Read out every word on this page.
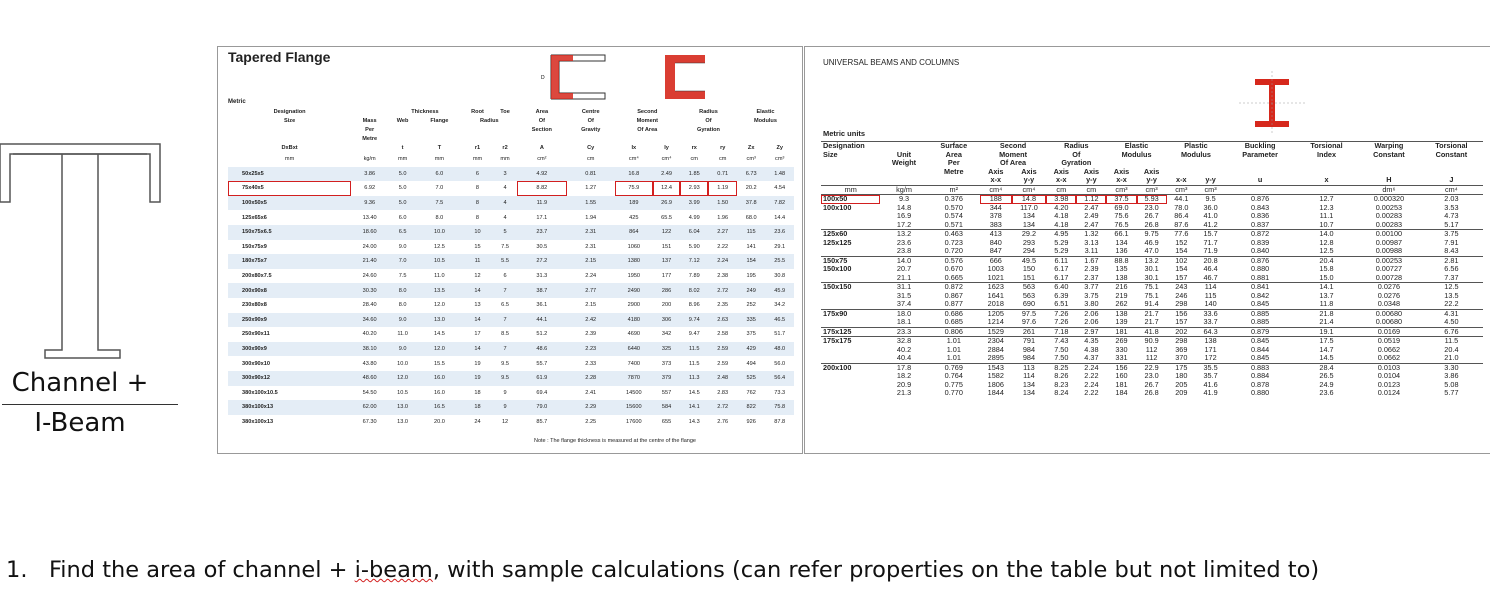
Channel +
I-Beam
Tapered Flange
D
Metric
Designation		Thickness		Root	Toe	Area	Centre	Second		Radius		Elastic	
Size	Mass	Web	Flange	Radius		Of	Of	Moment		Of		Modulus	
	Per					Section	Gravity	Of Area		Gyration			
	Metre												
DxBxt		t	T	r1	r2	A	Cy	Ix	Iy	rx	ry	Zx	Zy
mm	kg/m	mm	mm	mm	mm	cm²	cm	cm⁴	cm⁴	cm	cm	cm³	cm³
50x25x5	3.86	5.0	6.0	6	3	4.92	0.81	16.8	2.49	1.85	0.71	6.73	1.48
75x40x5	6.92	5.0	7.0	8	4	8.82	1.27	75.9	12.4	2.93	1.19	20.2	4.54
100x50x5	9.36	5.0	7.5	8	4	11.9	1.55	189	26.9	3.99	1.50	37.8	7.82
125x65x6	13.40	6.0	8.0	8	4	17.1	1.94	425	65.5	4.99	1.96	68.0	14.4
150x75x6.5	18.60	6.5	10.0	10	5	23.7	2.31	864	122	6.04	2.27	115	23.6
150x75x9	24.00	9.0	12.5	15	7.5	30.5	2.31	1060	151	5.90	2.22	141	29.1
180x75x7	21.40	7.0	10.5	11	5.5	27.2	2.15	1380	137	7.12	2.24	154	25.5
200x80x7.5	24.60	7.5	11.0	12	6	31.3	2.24	1950	177	7.89	2.38	195	30.8
200x90x8	30.30	8.0	13.5	14	7	38.7	2.77	2490	286	8.02	2.72	249	45.9
230x80x8	28.40	8.0	12.0	13	6.5	36.1	2.15	2900	200	8.96	2.35	252	34.2
250x90x9	34.60	9.0	13.0	14	7	44.1	2.42	4180	306	9.74	2.63	335	46.5
250x90x11	40.20	11.0	14.5	17	8.5	51.2	2.39	4690	342	9.47	2.58	375	51.7
300x90x9	38.10	9.0	12.0	14	7	48.6	2.23	6440	325	11.5	2.59	429	48.0
300x90x10	43.80	10.0	15.5	19	9.5	55.7	2.33	7400	373	11.5	2.59	494	56.0
300x90x12	48.60	12.0	16.0	19	9.5	61.9	2.28	7870	379	11.3	2.48	525	56.4
380x100x10.5	54.50	10.5	16.0	18	9	69.4	2.41	14500	557	14.5	2.83	762	73.3
380x100x13	62.00	13.0	16.5	18	9	79.0	2.29	15600	584	14.1	2.72	822	75.8
380x100x13	67.30	13.0	20.0	24	12	85.7	2.25	17600	655	14.3	2.76	926	87.8
Note : The flange thickness is measured at the centre of the flange
UNIVERSAL BEAMS AND COLUMNS
Metric units
Designation		Surface	Second		Radius		Elastic		Plastic		Buckling	Torsional	Warping	Torsional
Size	Unit	Area	Moment		Of		Modulus		Modulus		Parameter	Index	Constant	Constant
	Weight	Per	Of Area		Gyration									
		Metre	Axis	Axis	Axis	Axis	Axis	Axis						
			x-x	y-y	x-x	y-y	x-x	y-y	x-x	y-y	u	x	H	J
mm	kg/m	m²	cm⁴	cm⁴	cm	cm	cm³	cm³	cm³	cm³			dm⁶	cm⁴
100x50	9.3	0.376	188	14.8	3.98	1.12	37.5	5.93	44.1	9.5	0.876	12.7	0.000320	2.03
100x100	14.8	0.570	344	117.0	4.20	2.47	69.0	23.0	78.0	36.0	0.843	12.3	0.00253	3.53
	16.9	0.574	378	134	4.18	2.49	75.6	26.7	86.4	41.0	0.836	11.1	0.00283	4.73
	17.2	0.571	383	134	4.18	2.47	76.5	26.8	87.6	41.2	0.837	10.7	0.00283	5.17
125x60	13.2	0.463	413	29.2	4.95	1.32	66.1	9.75	77.6	15.7	0.872	14.0	0.00100	3.75
125x125	23.6	0.723	840	293	5.29	3.13	134	46.9	152	71.7	0.839	12.8	0.00987	7.91
	23.8	0.720	847	294	5.29	3.11	136	47.0	154	71.9	0.840	12.5	0.00988	8.43
150x75	14.0	0.576	666	49.5	6.11	1.67	88.8	13.2	102	20.8	0.876	20.4	0.00253	2.81
150x100	20.7	0.670	1003	150	6.17	2.39	135	30.1	154	46.4	0.880	15.8	0.00727	6.56
	21.1	0.665	1021	151	6.17	2.37	138	30.1	157	46.7	0.881	15.0	0.00728	7.37
150x150	31.1	0.872	1623	563	6.40	3.77	216	75.1	243	114	0.841	14.1	0.0276	12.5
	31.5	0.867	1641	563	6.39	3.75	219	75.1	246	115	0.842	13.7	0.0276	13.5
	37.4	0.877	2018	690	6.51	3.80	262	91.4	298	140	0.845	11.8	0.0348	22.2
175x90	18.0	0.686	1205	97.5	7.26	2.06	138	21.7	156	33.6	0.885	21.8	0.00680	4.31
	18.1	0.685	1214	97.6	7.26	2.06	139	21.7	157	33.7	0.885	21.4	0.00680	4.50
175x125	23.3	0.806	1529	261	7.18	2.97	181	41.8	202	64.3	0.879	19.1	0.0169	6.76
175x175	32.8	1.01	2304	791	7.43	4.35	269	90.9	298	138	0.845	17.5	0.0519	11.5
	40.2	1.01	2884	984	7.50	4.38	330	112	369	171	0.844	14.7	0.0662	20.4
	40.4	1.01	2895	984	7.50	4.37	331	112	370	172	0.845	14.5	0.0662	21.0
200x100	17.8	0.769	1543	113	8.25	2.24	156	22.9	175	35.5	0.883	28.4	0.0103	3.30
	18.2	0.764	1582	114	8.26	2.22	160	23.0	180	35.7	0.884	26.5	0.0104	3.86
	20.9	0.775	1806	134	8.23	2.24	181	26.7	205	41.6	0.878	24.9	0.0123	5.08
	21.3	0.770	1844	134	8.24	2.22	184	26.8	209	41.9	0.880	23.6	0.0124	5.77
1. Find the area of channel + i-beam, with sample calculations (can refer properties on the table but not limited to)
